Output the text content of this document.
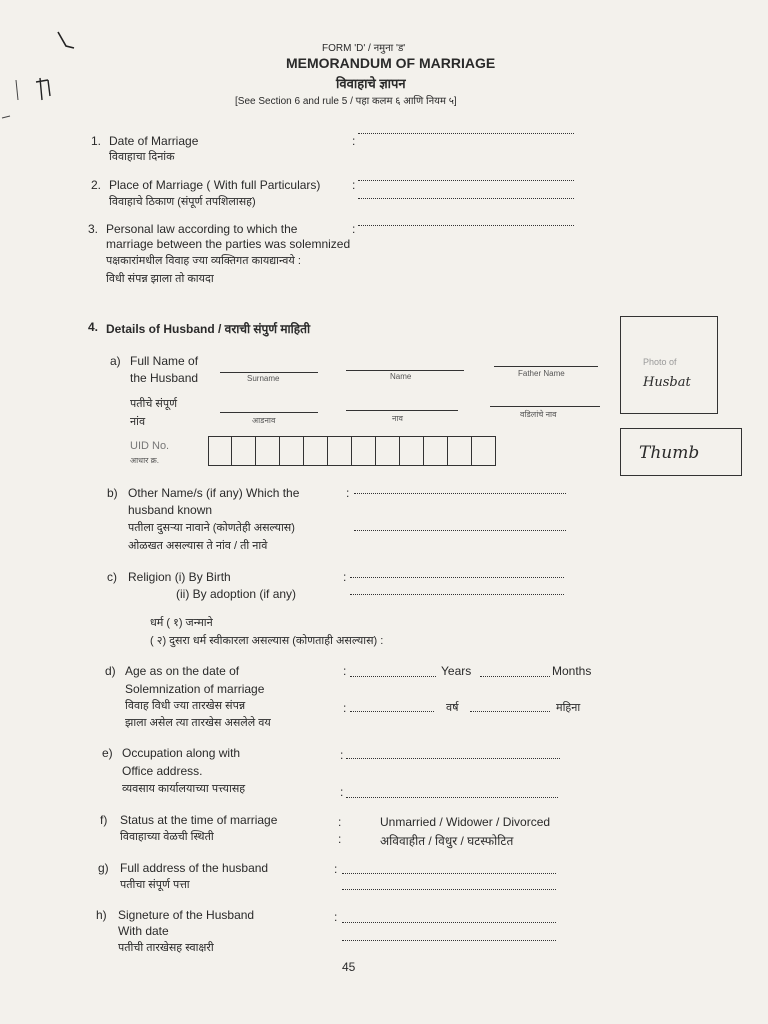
FORM 'D' / नमुना 'ड'
MEMORANDUM OF MARRIAGE
विवाहाचे ज्ञापन
[See Section 6 and rule 5 / पहा कलम ६ आणि नियम ५]
1. Date of Marriage
विवाहाचा दिनांक
:
2. Place of Marriage ( With full Particulars)
विवाहाचे ठिकाण (संपूर्ण तपशिलासह)
:
3. Personal law according to which the
marriage between the parties was solemnized
पक्षकारांमधील विवाह ज्या व्यक्तिगत कायद्यान्वये :
विधी संपन्न झाला तो कायदा
:
4. Details of Husband / वराची संपुर्ण माहिती
Photo of
Husbat
Thumb
a) Full Name of
the Husband
पतीचे संपूर्ण
नांव
Surname	Name	Father Name
आडनाव	नाव	वडिलांचे नाव
UID No.
आधार क्र.
b) Other Name/s (if any) Which the
husband known
पतीला दुसऱ्या नावाने (कोणतेही असल्यास)
ओळखत असल्यास ते नांव / ती नावे
:
c) Religion (i) By Birth
(ii) By adoption (if any)
धर्म ( १) जन्माने
( २) दुसरा धर्म स्वीकारला असल्यास (कोणताही असल्यास) :
:
d) Age as on the date of
Solemnization of marriage
विवाह विधी ज्या तारखेस संपन्न
झाला असेल त्या तारखेस असलेले वय
:	Years	Months
:	वर्ष	महिना
e) Occupation along with
Office address.
व्यवसाय कार्यालयाच्या पत्त्यासह
:
:
f) Status at the time of marriage
विवाहाच्या वेळची स्थिती
:
:
Unmarried / Widower / Divorced
अविवाहीत / विधुर / घटस्फोटित
g) Full address of the husband
पतीचा संपूर्ण पत्ता
:
h) Signeture of the Husband
With date
पतीची तारखेसह स्वाक्षरी
:
45
